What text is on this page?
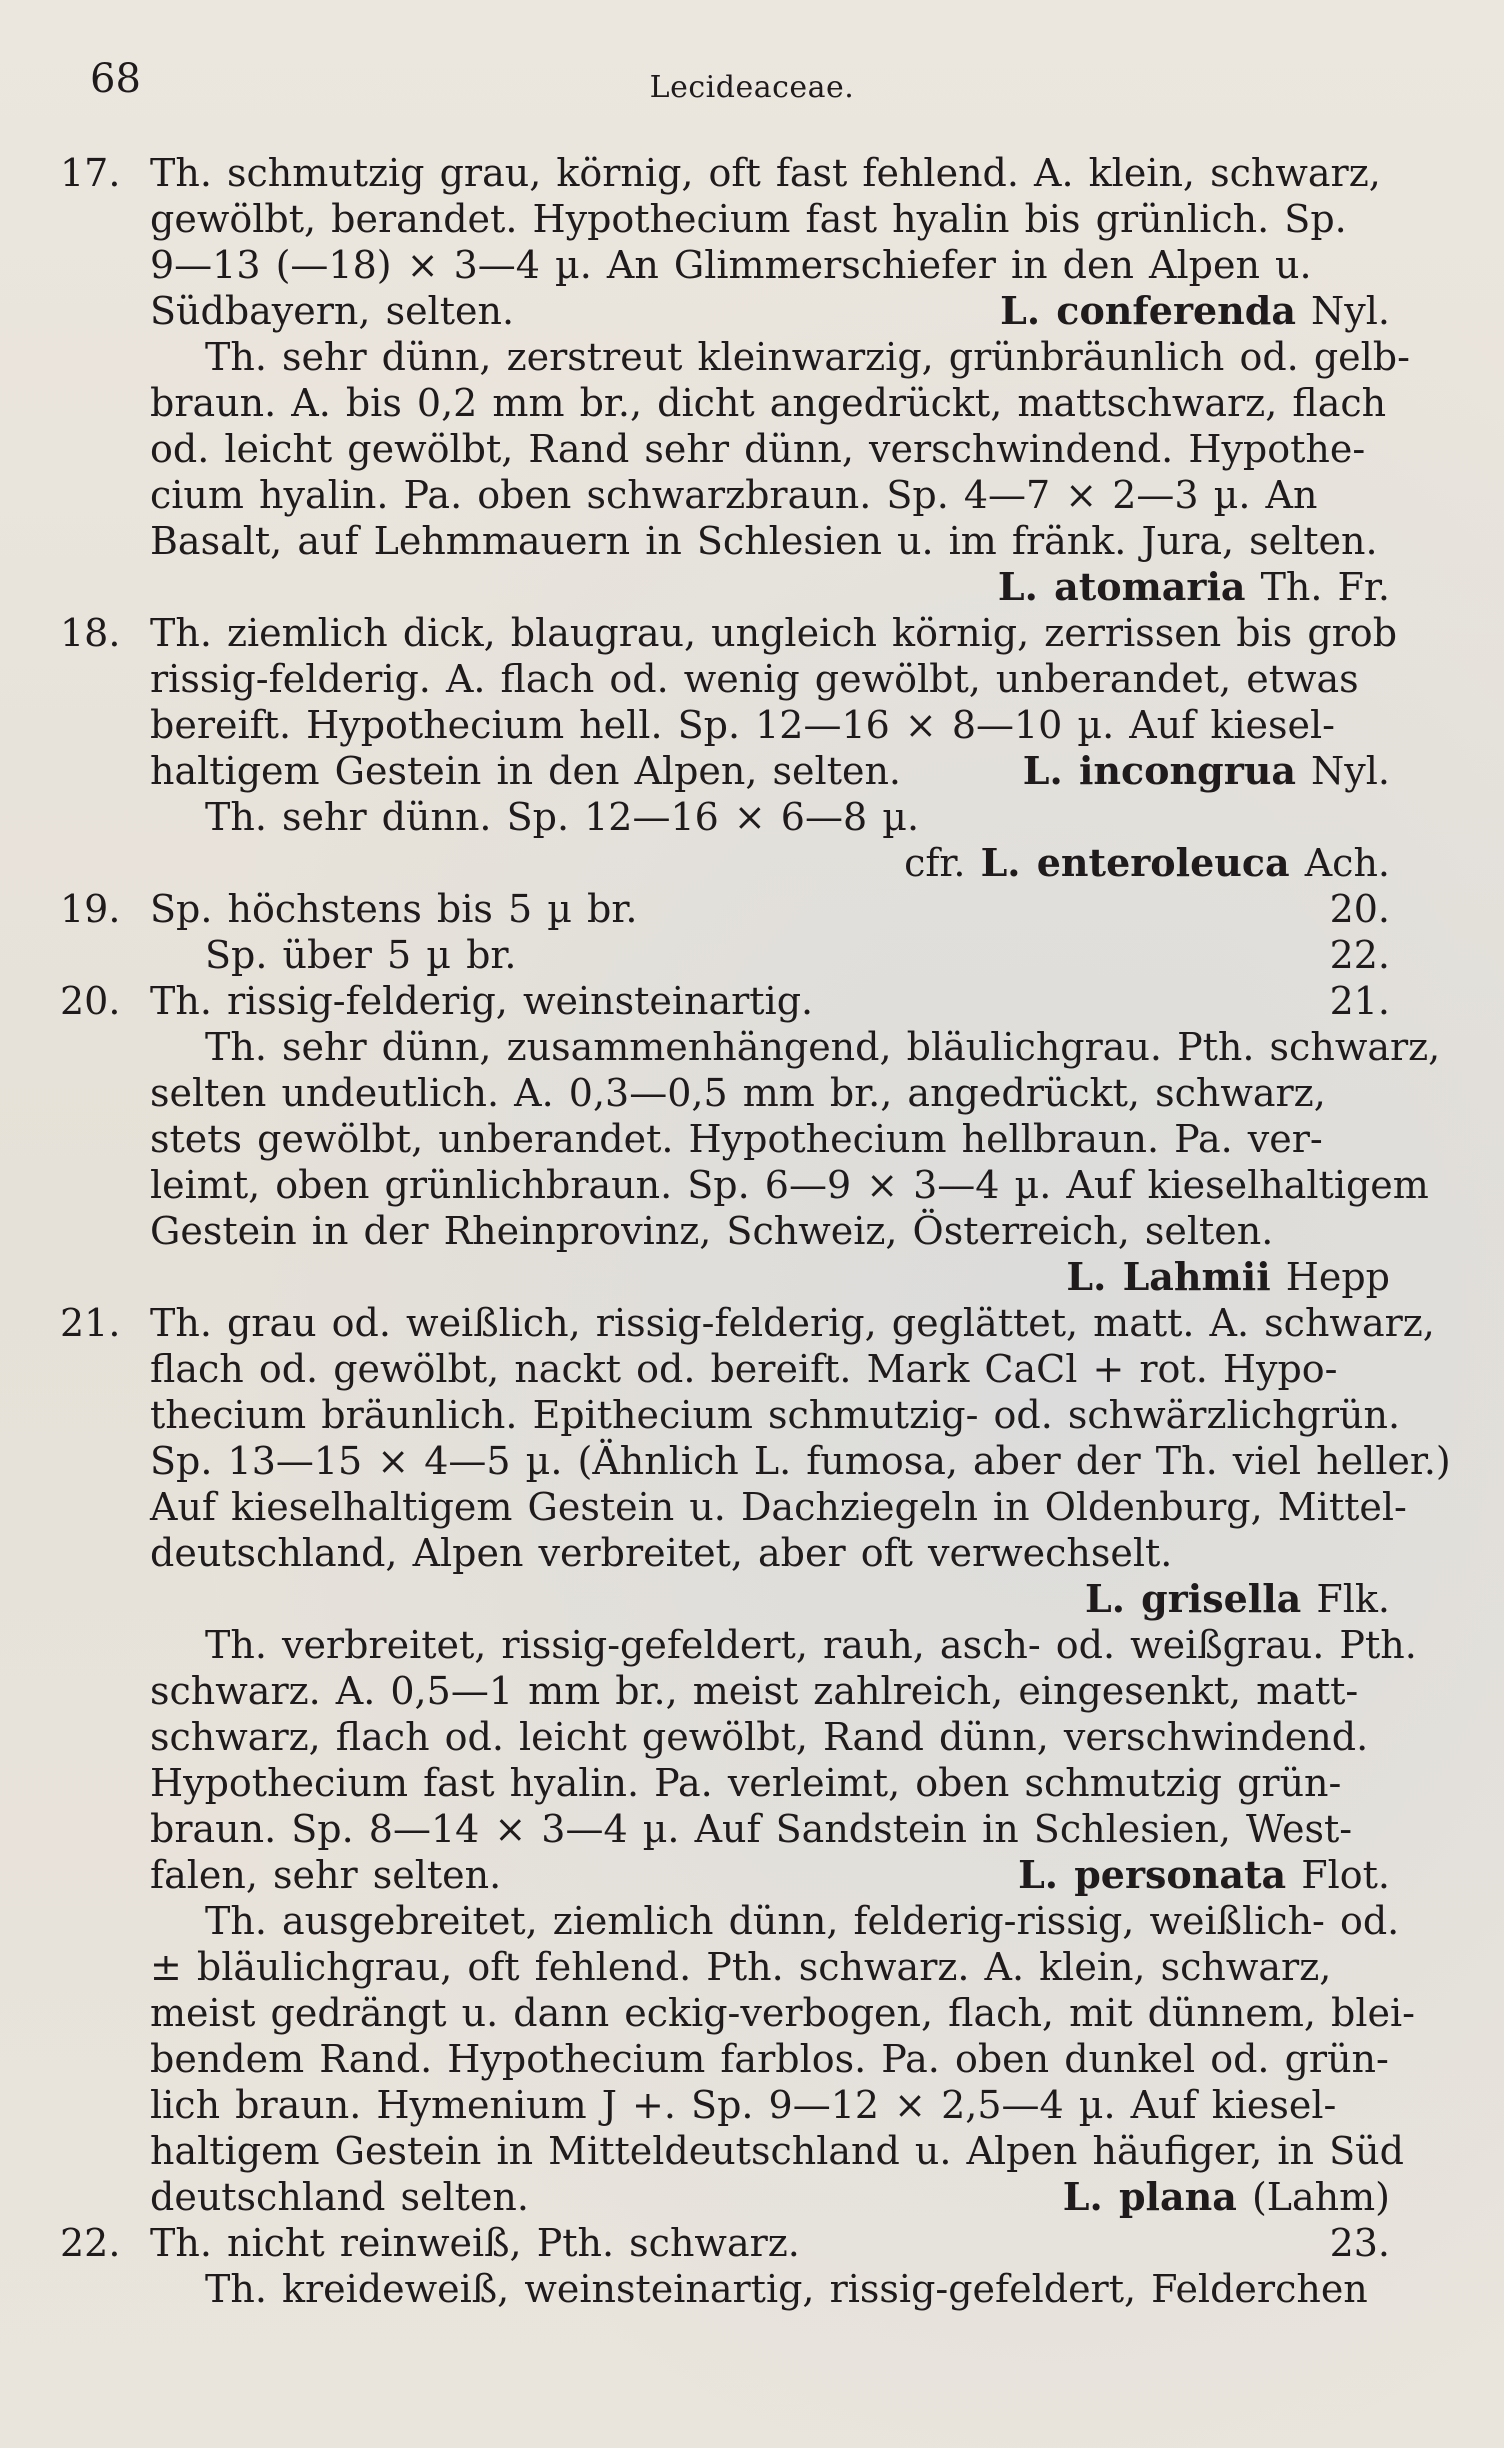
68	Lecideaceae.
17. Th. schmutzig grau, körnig, oft fast fehlend. A. klein, schwarz,
gewölbt, berandet. Hypothecium fast hyalin bis grünlich. Sp.
9—13 (—18) × 3—4 µ. An Glimmerschiefer in den Alpen u.
Südbayern, selten.	L. conferenda Nyl.
Th. sehr dünn, zerstreut kleinwarzig, grünbräunlich od. gelb-
braun. A. bis 0,2 mm br., dicht angedrückt, mattschwarz, flach
od. leicht gewölbt, Rand sehr dünn, verschwindend. Hypothe-
cium hyalin. Pa. oben schwarzbraun. Sp. 4—7 × 2—3 µ. An
Basalt, auf Lehmmauern in Schlesien u. im fränk. Jura, selten.
L. atomaria Th. Fr.
18. Th. ziemlich dick, blaugrau, ungleich körnig, zerrissen bis grob
rissig-felderig. A. flach od. wenig gewölbt, unberandet, etwas
bereift. Hypothecium hell. Sp. 12—16 × 8—10 µ. Auf kiesel-
haltigem Gestein in den Alpen, selten.	L. incongrua Nyl.
Th. sehr dünn. Sp. 12—16 × 6—8 µ.
cfr. L. enteroleuca Ach.
19. Sp. höchstens bis 5 µ br.	20.
Sp. über 5 µ br.	22.
20. Th. rissig-felderig, weinsteinartig.	21.
Th. sehr dünn, zusammenhängend, bläulichgrau. Pth. schwarz,
selten undeutlich. A. 0,3—0,5 mm br., angedrückt, schwarz,
stets gewölbt, unberandet. Hypothecium hellbraun. Pa. ver-
leimt, oben grünlichbraun. Sp. 6—9 × 3—4 µ. Auf kieselhaltigem
Gestein in der Rheinprovinz, Schweiz, Österreich, selten.
L. Lahmii Hepp
21. Th. grau od. weißlich, rissig-felderig, geglättet, matt. A. schwarz,
flach od. gewölbt, nackt od. bereift. Mark CaCl + rot. Hypo-
thecium bräunlich. Epithecium schmutzig- od. schwärzlichgrün.
Sp. 13—15 × 4—5 µ. (Ähnlich L. fumosa, aber der Th. viel heller.)
Auf kieselhaltigem Gestein u. Dachziegeln in Oldenburg, Mittel-
deutschland, Alpen verbreitet, aber oft verwechselt.
L. grisella Flk.
Th. verbreitet, rissig-gefeldert, rauh, asch- od. weißgrau. Pth.
schwarz. A. 0,5—1 mm br., meist zahlreich, eingesenkt, matt-
schwarz, flach od. leicht gewölbt, Rand dünn, verschwindend.
Hypothecium fast hyalin. Pa. verleimt, oben schmutzig grün-
braun. Sp. 8—14 × 3—4 µ. Auf Sandstein in Schlesien, West-
falen, sehr selten.	L. personata Flot.
Th. ausgebreitet, ziemlich dünn, felderig-rissig, weißlich- od.
± bläulichgrau, oft fehlend. Pth. schwarz. A. klein, schwarz,
meist gedrängt u. dann eckig-verbogen, flach, mit dünnem, blei-
bendem Rand. Hypothecium farblos. Pa. oben dunkel od. grün-
lich braun. Hymenium J +. Sp. 9—12 × 2,5—4 µ. Auf kiesel-
haltigem Gestein in Mitteldeutschland u. Alpen häufiger, in Süd
deutschland selten.	L. plana (Lahm)
22. Th. nicht reinweiß, Pth. schwarz.	23.
Th. kreideweiß, weinsteinartig, rissig-gefeldert, Felderchen
